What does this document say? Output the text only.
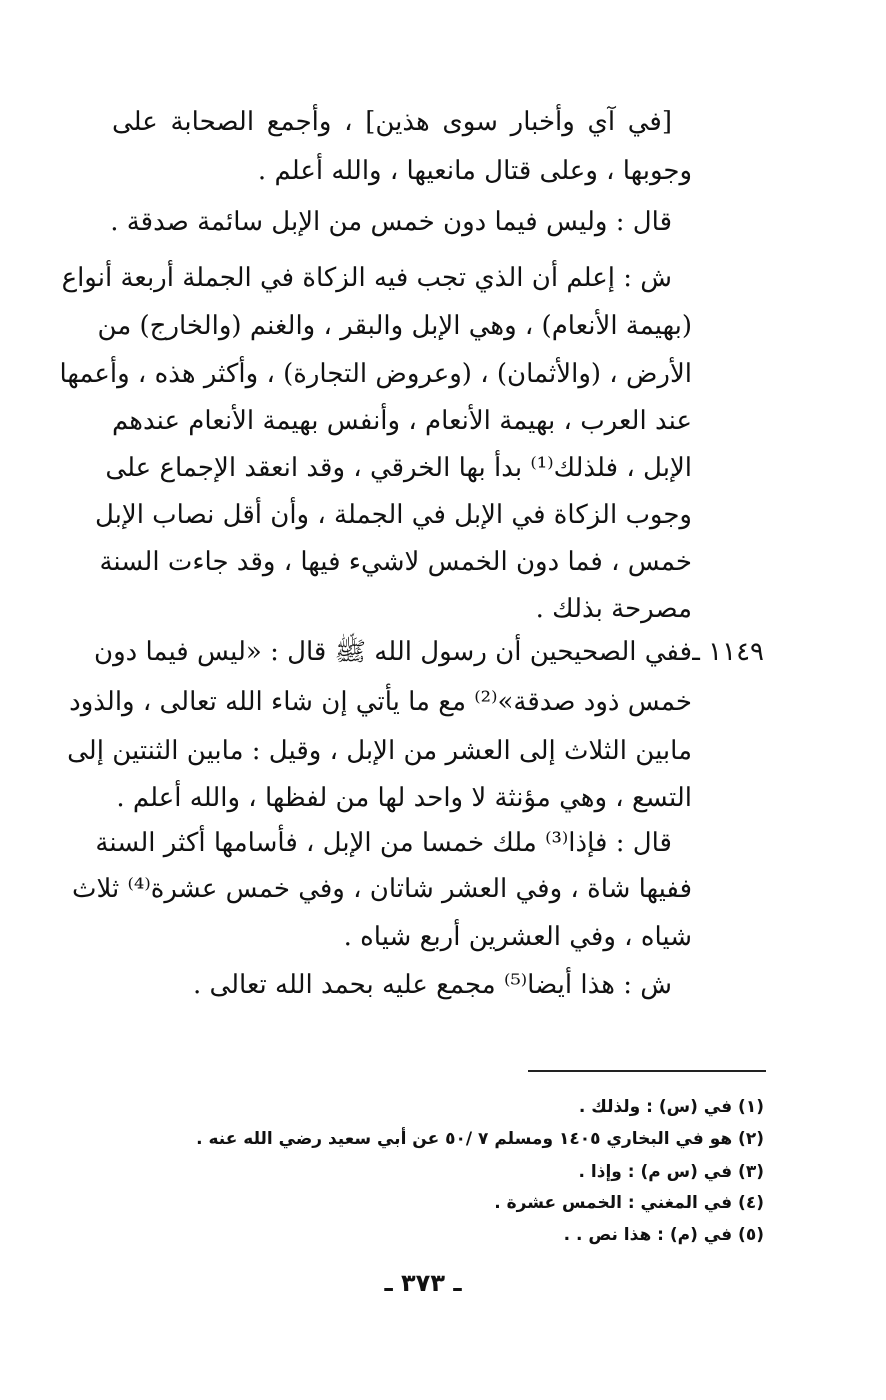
[في آي وأخبار سوى هذين] ، وأجمع الصحابة على
وجوبها ، وعلى قتال مانعيها ، والله أعلم .
قال : وليس فيما دون خمس من الإبل سائمة صدقة .
ش : إعلم أن الذي تجب فيه الزكاة في الجملة أربعة أنواع
(بهيمة الأنعام) ، وهي الإبل والبقر ، والغنم (والخارج) من
الأرض ، (والأثمان) ، (وعروض التجارة) ، وأكثر هذه ، وأعمها
عند العرب ، بهيمة الأنعام ، وأنفس بهيمة الأنعام عندهم
الإبل ، فلذلك⁽¹⁾ بدأ بها الخرقي ، وقد انعقد الإجماع على
وجوب الزكاة في الإبل في الجملة ، وأن أقل نصاب الإبل
خمس ، فما دون الخمس لاشيء فيها ، وقد جاءت السنة
مصرحة بذلك .
١١٤٩ ـ
ففي الصحيحين أن رسول الله ﷺ قال : «ليس فيما دون
خمس ذود صدقة»⁽²⁾ مع ما يأتي إن شاء الله تعالى ، والذود
مابين الثلاث إلى العشر من الإبل ، وقيل : مابين الثنتين إلى
التسع ، وهي مؤنثة لا واحد لها من لفظها ، والله أعلم .
قال : فإذا⁽³⁾ ملك خمسا من الإبل ، فأسامها أكثر السنة
ففيها شاة ، وفي العشر شاتان ، وفي خمس عشرة⁽⁴⁾ ثلاث
شياه ، وفي العشرين أربع شياه .
ش : هذا أيضا⁽⁵⁾ مجمع عليه بحمد الله تعالى .
(١) في (س) : ولذلك .
(٢) هو في البخاري ١٤٠٥ ومسلم ٧ /٥٠ عن أبي سعيد رضي الله عنه .
(٣) في (س م) : وإذا .
(٤) في المغني : الخمس عشرة .
(٥) في (م) : هذا نص . .
ـ ٣٧٣ ـ
